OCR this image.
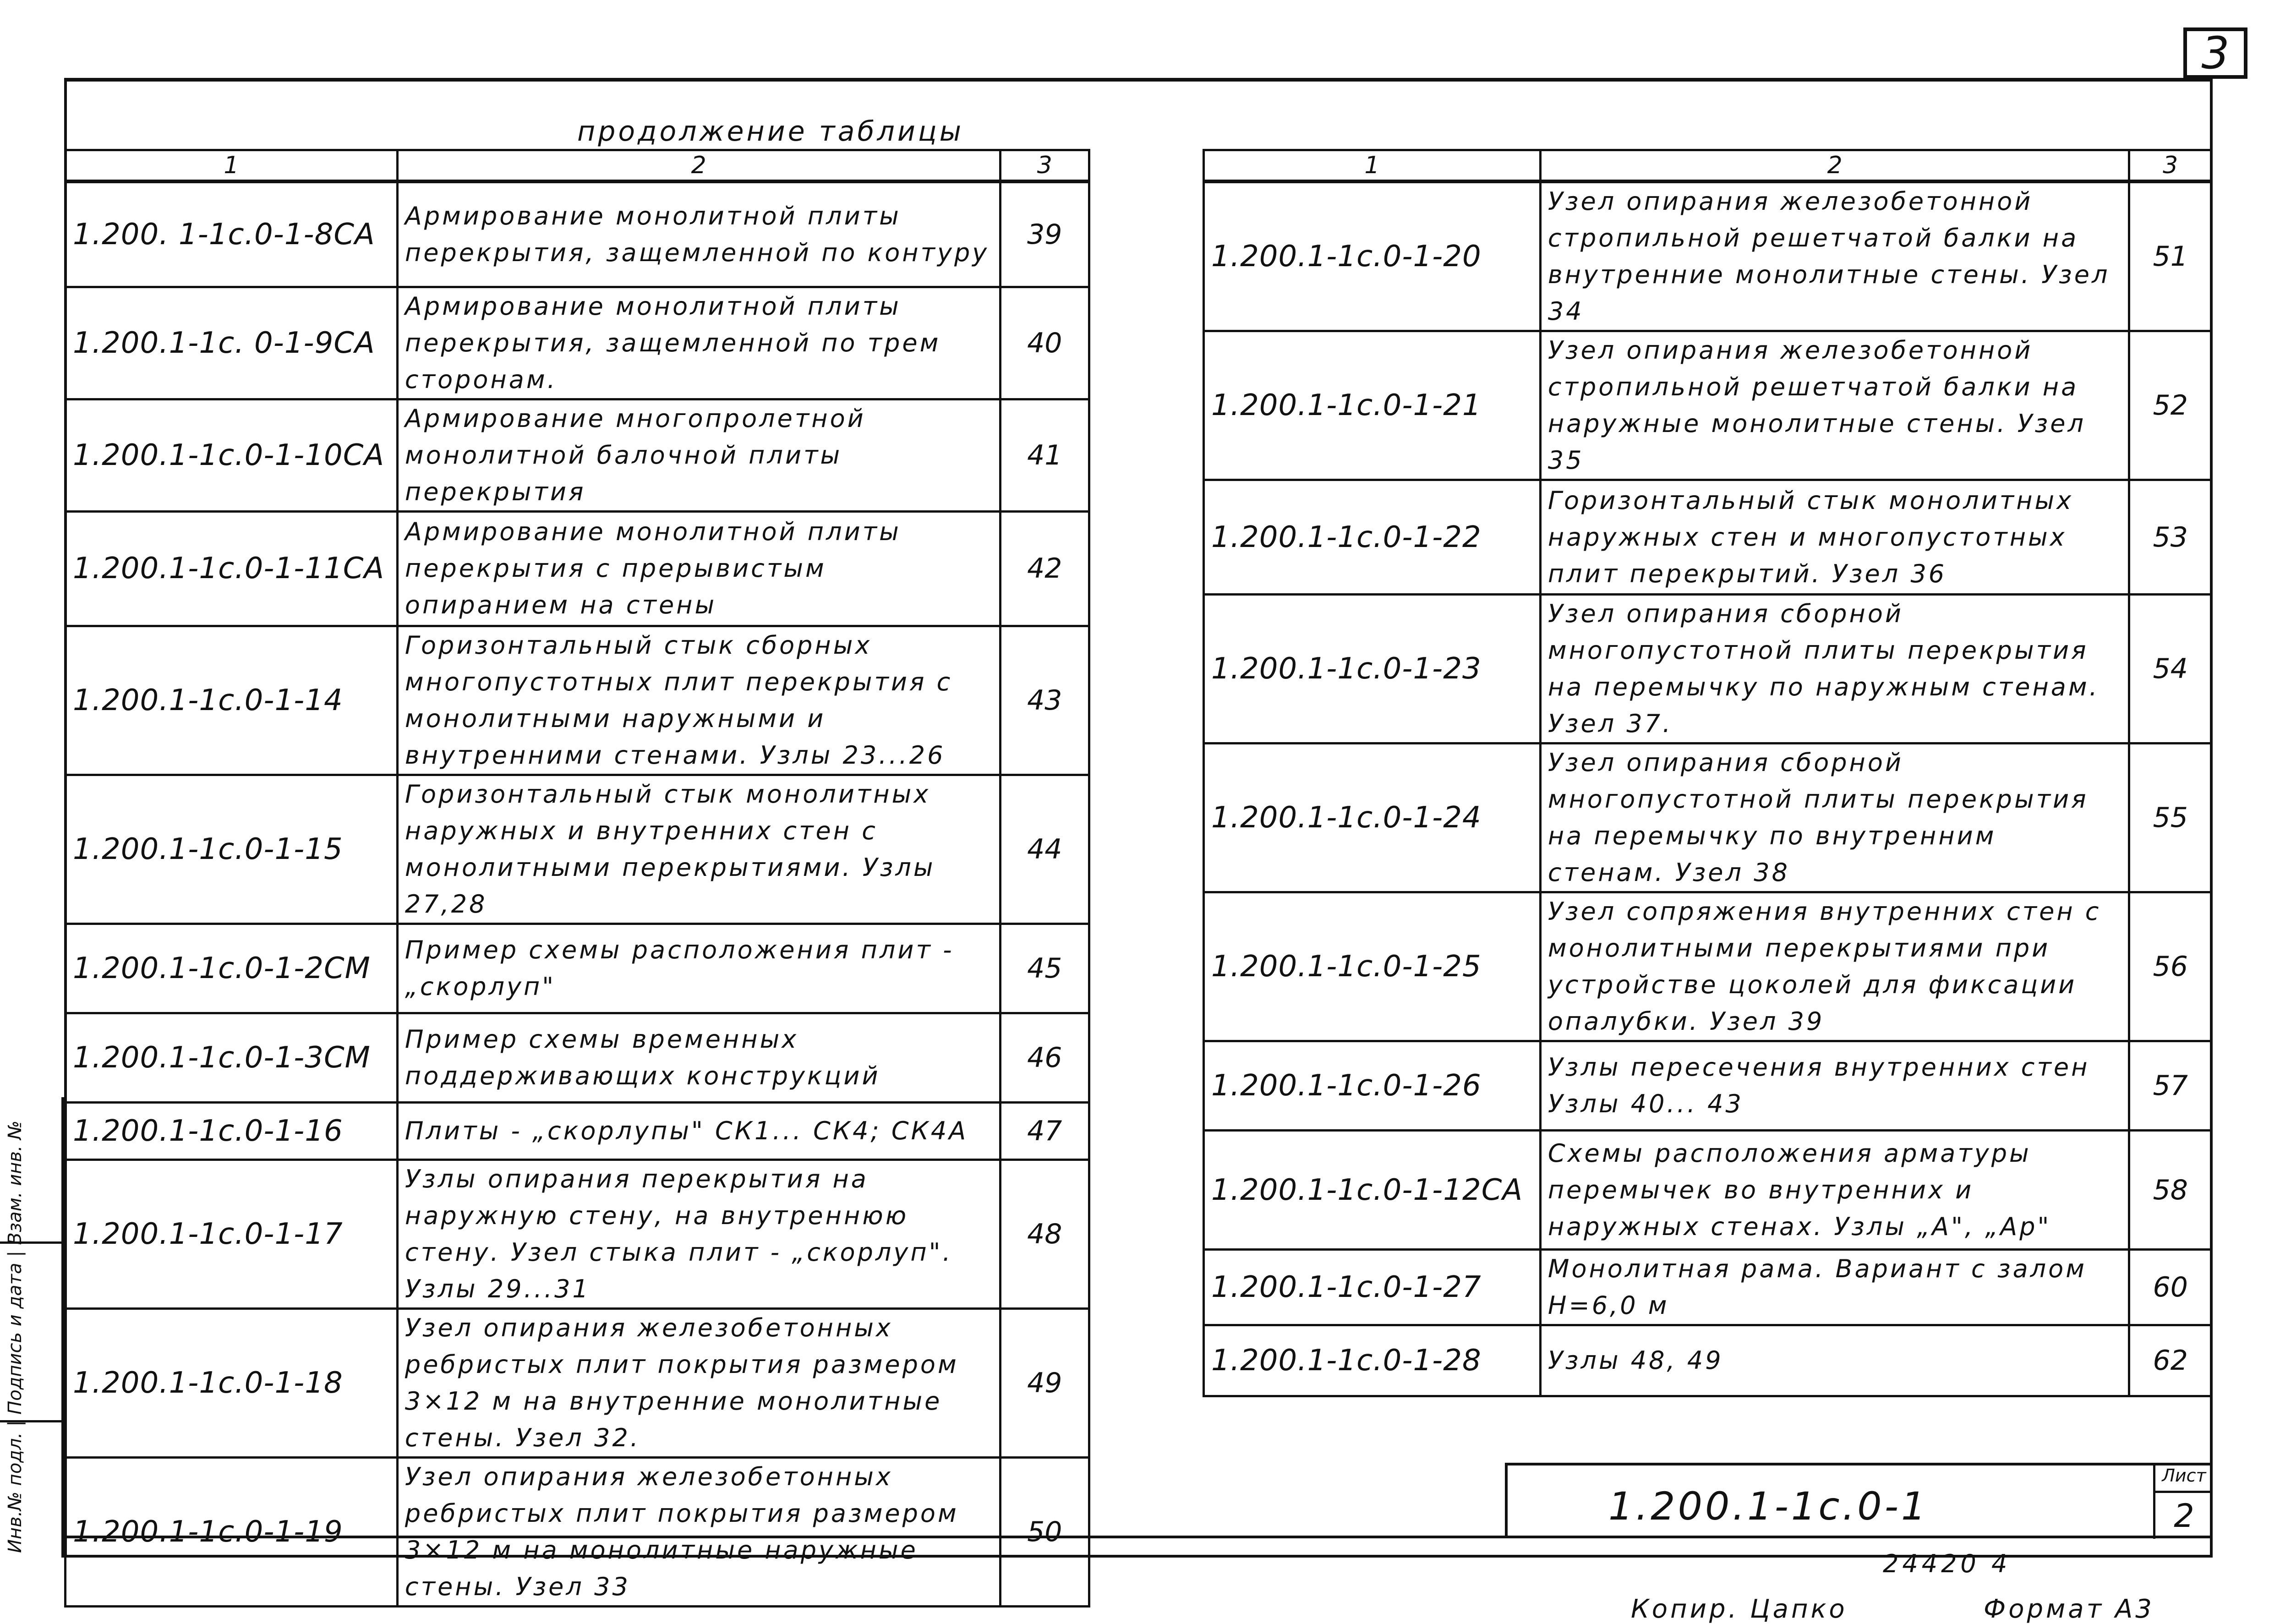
3
продолжение таблицы
1	2	3
1.200. 1-1с.0-1-8СА	Армирование монолитной плиты перекрытия, защемленной по контуру	39
1.200.1-1с. 0-1-9СА	Армирование монолитной плиты перекрытия, защемленной по трем сторонам.	40
1.200.1-1с.0-1-10СА	Армирование многопролетной монолитной балочной плиты перекрытия	41
1.200.1-1с.0-1-11СА	Армирование монолитной плиты перекрытия с прерывистым опиранием на стены	42
1.200.1-1с.0-1-14	Горизонтальный стык сборных многопустотных плит перекрытия с монолитными наружными и внутренними стенами. Узлы 23...26	43
1.200.1-1с.0-1-15	Горизонтальный стык монолитных наружных и внутренних стен с монолитными перекрытиями. Узлы 27,28	44
1.200.1-1с.0-1-2СМ	Пример схемы расположения плит - „скорлуп"	45
1.200.1-1с.0-1-3СМ	Пример схемы временных поддерживающих конструкций	46
1.200.1-1с.0-1-16	Плиты - „скорлупы" СК1... СК4; СК4А	47
1.200.1-1с.0-1-17	Узлы опирания перекрытия на наружную стену, на внутреннюю стену. Узел стыка плит - „скорлуп". Узлы 29...31	48
1.200.1-1с.0-1-18	Узел опирания железобетонных ребристых плит покрытия размером 3×12 м на внутренние монолитные стены. Узел 32.	49
1.200.1-1с.0-1-19	Узел опирания железобетонных ребристых плит покрытия размером 3×12 м на монолитные наружные стены. Узел 33	50
1	2	3
1.200.1-1с.0-1-20	Узел опирания железобетонной стропильной решетчатой балки на внутренние монолитные стены. Узел 34	51
1.200.1-1с.0-1-21	Узел опирания железобетонной стропильной решетчатой балки на наружные монолитные стены. Узел 35	52
1.200.1-1с.0-1-22	Горизонтальный стык монолитных наружных стен и многопустотных плит перекрытий. Узел 36	53
1.200.1-1с.0-1-23	Узел опирания сборной многопустотной плиты перекрытия на перемычку по наружным стенам. Узел 37.	54
1.200.1-1с.0-1-24	Узел опирания сборной многопустотной плиты перекрытия на перемычку по внутренним стенам. Узел 38	55
1.200.1-1с.0-1-25	Узел сопряжения внутренних стен с монолитными перекрытиями при устройстве цоколей для фиксации опалубки. Узел 39	56
1.200.1-1с.0-1-26	Узлы пересечения внутренних стен Узлы 40... 43	57
1.200.1-1с.0-1-12СА	Схемы расположения арматуры перемычек во внутренних и наружных стенах. Узлы „А", „Ар"	58
1.200.1-1с.0-1-27	Монолитная рама. Вариант с залом Н=6,0 м	60
1.200.1-1с.0-1-28	Узлы 48, 49	62
1.200.1-1с.0-1
Лист
2
24420 4
Копир. Цапко	Формат А3
Инв.№ подл. | Подпись и дата | Взам. инв. №
